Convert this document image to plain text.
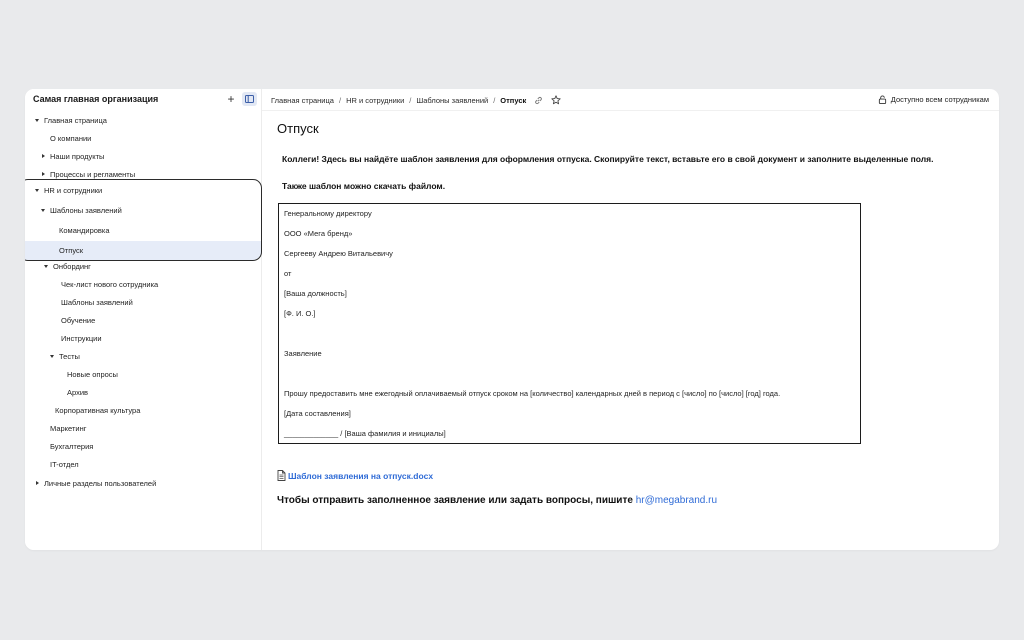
Самая главная организация	+
Главная страница
О компании
Наши продукты
Процессы и регламенты
HR и сотрудники
Шаблоны заявлений
Командировка
Отпуск
Онбординг
Чек-лист нового сотрудника
Шаблоны заявлений
Обучение
Инструкции
Тесты
Новые опросы
Архив
Корпоративная культура
Маркетинг
Бухгалтерия
IT-отдел
Личные разделы пользователей
Главная страница / HR и сотрудники / Шаблоны заявлений / Отпуск	Доступно всем сотрудникам
Отпуск
Коллеги! Здесь вы найдёте шаблон заявления для оформления отпуска. Скопируйте текст, вставьте его в свой документ и заполните выделенные поля.
Также шаблон можно скачать файлом.
Генеральному директору
ООО «Мега бренд»
Сергееву Андрею Витальевичу
от
[Ваша должность]
[Ф. И. О.]
Заявление
Прошу предоставить мне ежегодный оплачиваемый отпуск сроком на [количество] календарных дней в период с [число] по [число] [год] года.
[Дата составления]
_____________ / [Ваша фамилия и инициалы]
Шаблон заявления на отпуск.docx
Чтобы отправить заполненное заявление или задать вопросы, пишите hr@megabrand.ru
